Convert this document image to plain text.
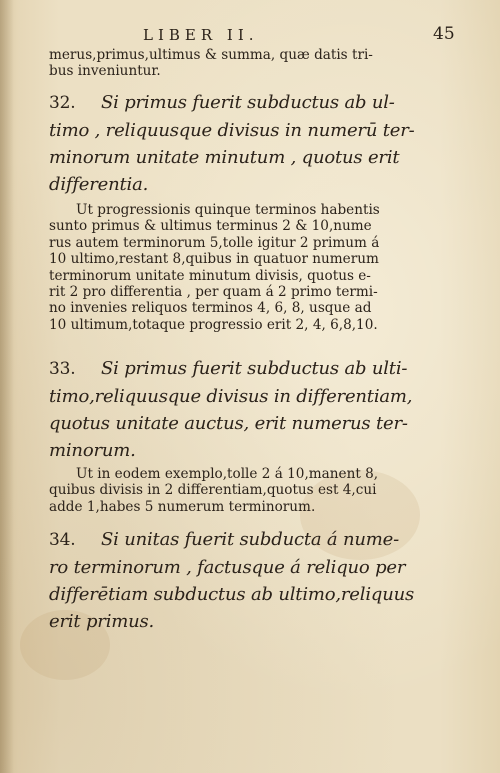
LIBER II.	45
merus,primus,ultimus & summa, quæ datis tri-
bus inveniuntur.
32. Si primus fuerit subductus ab ul-
timo , reliquusque divisus in numerū ter-
minorum unitate minutum , quotus erit
differentia.
Ut progressionis quinque terminos habentis
sunto primus & ultimus terminus 2 & 10,nume
rus autem terminorum 5,tolle igitur 2 primum á
10 ultimo,restant 8,quibus in quatuor numerum
terminorum unitate minutum divisis, quotus e-
rit 2 pro differentia , per quam á 2 primo termi-
no invenies reliquos terminos 4, 6, 8, usque ad
10 ultimum,totaque progressio erit 2, 4, 6,8,10.
33. Si primus fuerit subductus ab ulti-
timo,reliquusque divisus in differentiam,
quotus unitate auctus, erit numerus ter-
minorum.
Ut in eodem exemplo,tolle 2 á 10,manent 8,
quibus divisis in 2 differentiam,quotus est 4,cui
adde 1,habes 5 numerum terminorum.
34. Si unitas fuerit subducta á nume-
ro terminorum , factusque á reliquo per
differētiam subductus ab ultimo,reliquus
erit primus.
